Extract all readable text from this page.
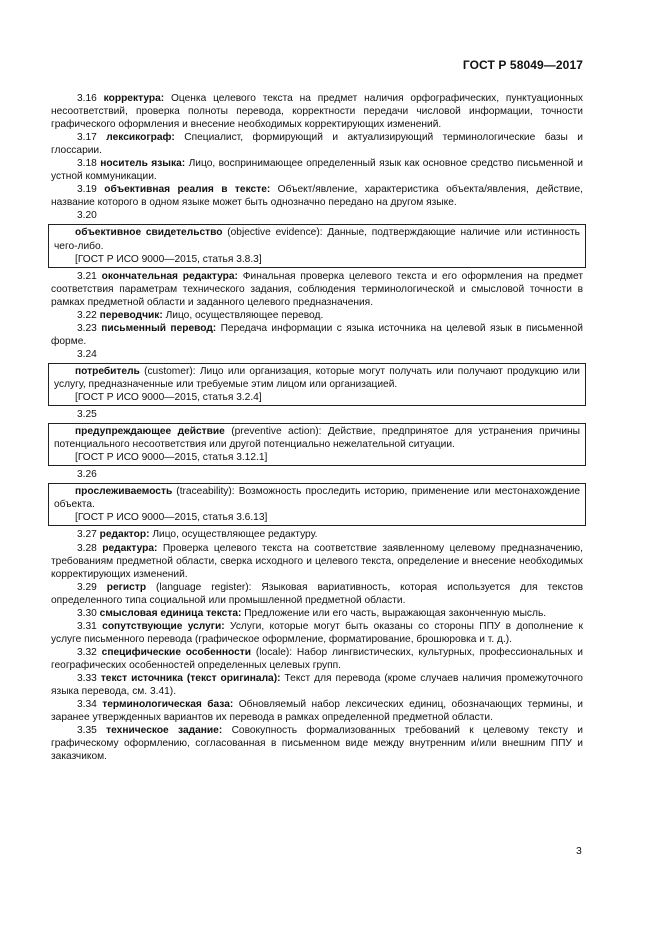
ГОСТ Р 58049—2017

3.16 корректура: Оценка целевого текста на предмет наличия орфографических, пунктуационных несоответствий, проверка полноты перевода, корректности передачи числовой информации, точности графического оформления и внесение необходимых корректирующих изменений.

3.17 лексикограф: Специалист, формирующий и актуализирующий терминологические базы и глоссарии.

3.18 носитель языка: Лицо, воспринимающее определенный язык как основное средство письменной и устной коммуникации.

3.19 объективная реалия в тексте: Объект/явление, характеристика объекта/явления, действие, название которого в одном языке может быть однозначно передано на другом языке.

3.20

объективное свидетельство (objective evidence): Данные, подтверждающие наличие или истинность чего-либо.

[ГОСТ Р ИСО 9000—2015, статья 3.8.3]

3.21 окончательная редактура: Финальная проверка целевого текста и его оформления на предмет соответствия параметрам технического задания, соблюдения терминологической и смысловой точности в рамках предметной области и заданного целевого предназначения.

3.22 переводчик: Лицо, осуществляющее перевод.

3.23 письменный перевод: Передача информации с языка источника на целевой язык в письменной форме.

3.24

потребитель (customer): Лицо или организация, которые могут получать или получают продукцию или услугу, предназначенные или требуемые этим лицом или организацией.

[ГОСТ Р ИСО 9000—2015, статья 3.2.4]

3.25

предупреждающее действие (preventive action): Действие, предпринятое для устранения причины потенциального несоответствия или другой потенциально нежелательной ситуации.

[ГОСТ Р ИСО 9000—2015, статья 3.12.1]

3.26

прослеживаемость (traceability): Возможность проследить историю, применение или местонахождение объекта.

[ГОСТ Р ИСО 9000—2015, статья 3.6.13]

3.27 редактор: Лицо, осуществляющее редактуру.

3.28 редактура: Проверка целевого текста на соответствие заявленному целевому предназначению, требованиям предметной области, сверка исходного и целевого текста, определение и внесение необходимых корректирующих изменений.

3.29 регистр (language register): Языковая вариативность, которая используется для текстов определенного типа социальной или промышленной предметной области.

3.30 смысловая единица текста: Предложение или его часть, выражающая законченную мысль.

3.31 сопутствующие услуги: Услуги, которые могут быть оказаны со стороны ППУ в дополнение к услуге письменного перевода (графическое оформление, форматирование, брошюровка и т. д.).

3.32 специфические особенности (locale): Набор лингвистических, культурных, профессиональных и географических особенностей определенных целевых групп.

3.33 текст источника (текст оригинала): Текст для перевода (кроме случаев наличия промежуточного языка перевода, см. 3.41).

3.34 терминологическая база: Обновляемый набор лексических единиц, обозначающих термины, и заранее утвержденных вариантов их перевода в рамках определенной предметной области.

3.35 техническое задание: Совокупность формализованных требований к целевому тексту и графическому оформлению, согласованная в письменном виде между внутренним и/или внешним ППУ и заказчиком.

3
